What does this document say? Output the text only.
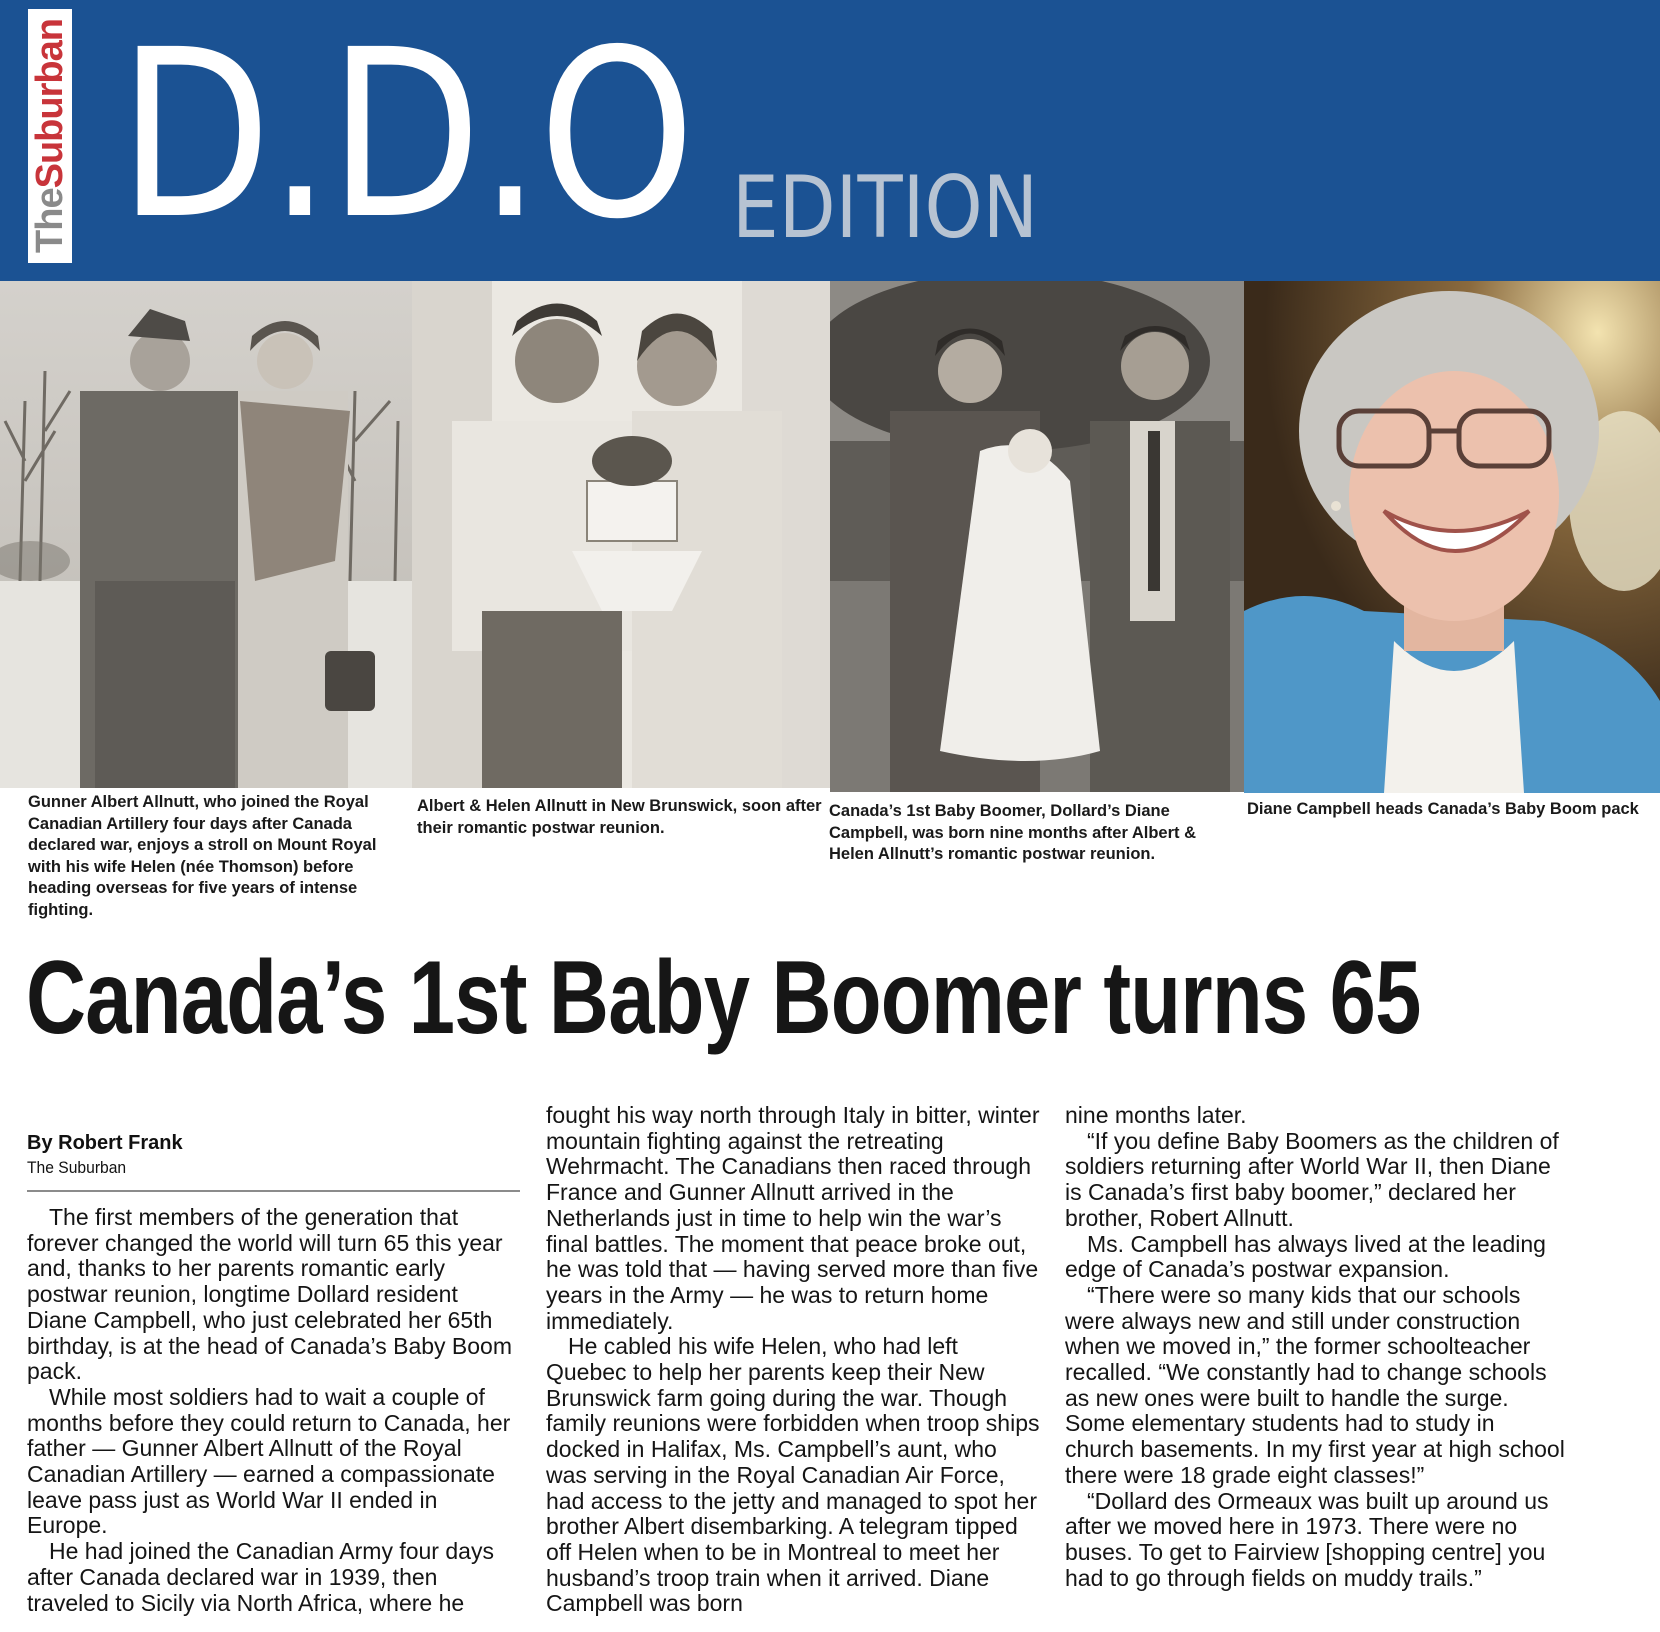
TheSuburban D.D.O EDITION
Gunner Albert Allnutt, who joined the Royal Canadian Artillery four days after Canada declared war, enjoys a stroll on Mount Royal with his wife Helen (née Thomson) before heading overseas for five years of intense fighting.
Albert & Helen Allnutt in New Brunswick, soon after their romantic postwar reunion.
Canada’s 1st Baby Boomer, Dollard’s Diane Campbell, was born nine months after Albert & Helen Allnutt’s romantic postwar reunion.
Diane Campbell heads Canada’s Baby Boom pack
Canada’s 1st Baby Boomer turns 65
By Robert Frank
The Suburban

The first members of the generation that forever changed the world will turn 65 this year and, thanks to her parents romantic early postwar reunion, longtime Dollard resident Diane Campbell, who just celebrated her 65th birthday, is at the head of Canada’s Baby Boom pack.

While most soldiers had to wait a couple of months before they could return to Canada, her father — Gunner Albert Allnutt of the Royal Canadian Artillery — earned a compassionate leave pass just as World War II ended in Europe.

He had joined the Canadian Army four days after Canada declared war in 1939, then traveled to Sicily via North Africa, where he

fought his way north through Italy in bitter, winter mountain fighting against the retreating Wehrmacht. The Canadians then raced through France and Gunner Allnutt arrived in the Netherlands just in time to help win the war’s final battles. The moment that peace broke out, he was told that — having served more than five years in the Army — he was to return home immediately.

He cabled his wife Helen, who had left Quebec to help her parents keep their New Brunswick farm going during the war. Though family reunions were forbidden when troop ships docked in Halifax, Ms. Campbell’s aunt, who was serving in the Royal Canadian Air Force, had access to the jetty and managed to spot her brother Albert disembarking. A telegram tipped off Helen when to be in Montreal to meet her husband’s troop train when it arrived. Diane Campbell was born

nine months later.

“If you define Baby Boomers as the children of soldiers returning after World War II, then Diane is Canada’s first baby boomer,” declared her brother, Robert Allnutt.

Ms. Campbell has always lived at the leading edge of Canada’s postwar expansion.

“There were so many kids that our schools were always new and still under construction when we moved in,” the former schoolteacher recalled. “We constantly had to change schools as new ones were built to handle the surge. Some elementary students had to study in church basements. In my first year at high school there were 18 grade eight classes!”

“Dollard des Ormeaux was built up around us after we moved here in 1973. There were no buses. To get to Fairview [shopping centre] you had to go through fields on muddy trails.”
